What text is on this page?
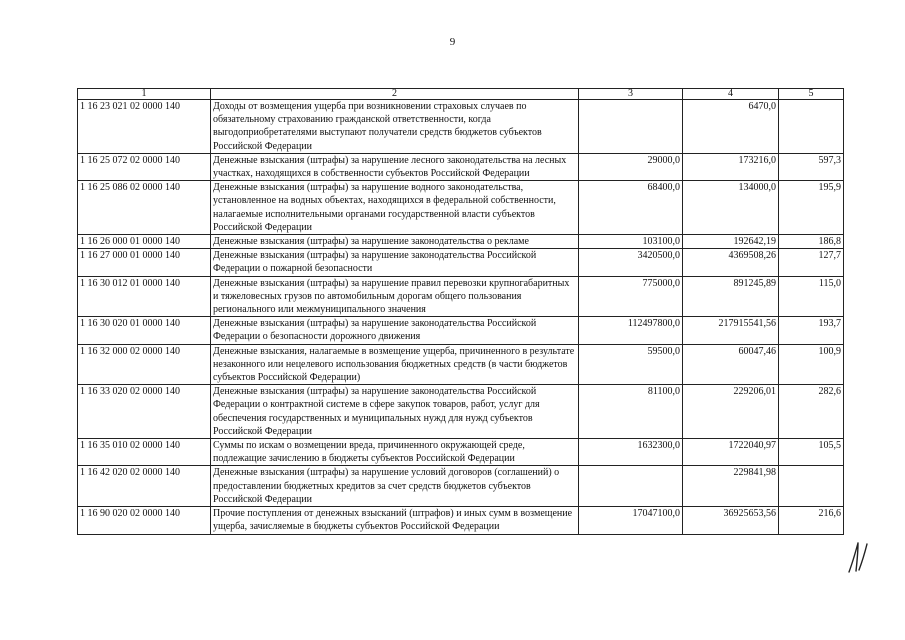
9
1	2	3	4	5
1 16 23 021 02 0000 140	Доходы от возмещения ущерба при возникновении страховых случаев по обязательному страхованию гражданской ответственности, когда выгодоприобретателями выступают получатели средств бюджетов субъектов Российской Федерации		6470,0	
1 16 25 072 02 0000 140	Денежные взыскания (штрафы) за нарушение лесного законодательства на лесных участках, находящихся в собственности субъектов Российской Федерации	29000,0	173216,0	597,3
1 16 25 086 02 0000 140	Денежные взыскания (штрафы) за нарушение водного законодательства, установленное на водных объектах, находящихся в федеральной собственности, налагаемые исполнительными органами государственной власти субъектов Российской Федерации	68400,0	134000,0	195,9
1 16 26 000 01 0000 140	Денежные взыскания (штрафы) за нарушение законодательства о рекламе	103100,0	192642,19	186,8
1 16 27 000 01 0000 140	Денежные взыскания (штрафы) за нарушение законодательства Российской Федерации о пожарной безопасности	3420500,0	4369508,26	127,7
1 16 30 012 01 0000 140	Денежные взыскания (штрафы) за нарушение правил перевозки крупногабаритных и тяжеловесных грузов по автомобильным дорогам общего пользования регионального или межмуниципального значения	775000,0	891245,89	115,0
1 16 30 020 01 0000 140	Денежные взыскания (штрафы) за нарушение законодательства Российской Федерации о безопасности дорожного движения	112497800,0	217915541,56	193,7
1 16 32 000 02 0000 140	Денежные взыскания, налагаемые в возмещение ущерба, причиненного в результате незаконного или нецелевого использования бюджетных средств (в части бюджетов субъектов Российской Федерации)	59500,0	60047,46	100,9
1 16 33 020 02 0000 140	Денежные взыскания (штрафы) за нарушение законодательства Российской Федерации о контрактной системе в сфере закупок товаров, работ, услуг для обеспечения государственных и муниципальных нужд для нужд субъектов Российской Федерации	81100,0	229206,01	282,6
1 16 35 010 02 0000 140	Суммы по искам о возмещении вреда, причиненного окружающей среде, подлежащие зачислению в бюджеты субъектов Российской Федерации	1632300,0	1722040,97	105,5
1 16 42 020 02 0000 140	Денежные взыскания (штрафы) за нарушение условий договоров (соглашений) о предоставлении бюджетных кредитов за счет средств бюджетов субъектов Российской Федерации		229841,98	
1 16 90 020 02 0000 140	Прочие поступления от денежных взысканий (штрафов) и иных сумм в возмещение ущерба, зачисляемые в бюджеты субъектов Российской Федерации	17047100,0	36925653,56	216,6
